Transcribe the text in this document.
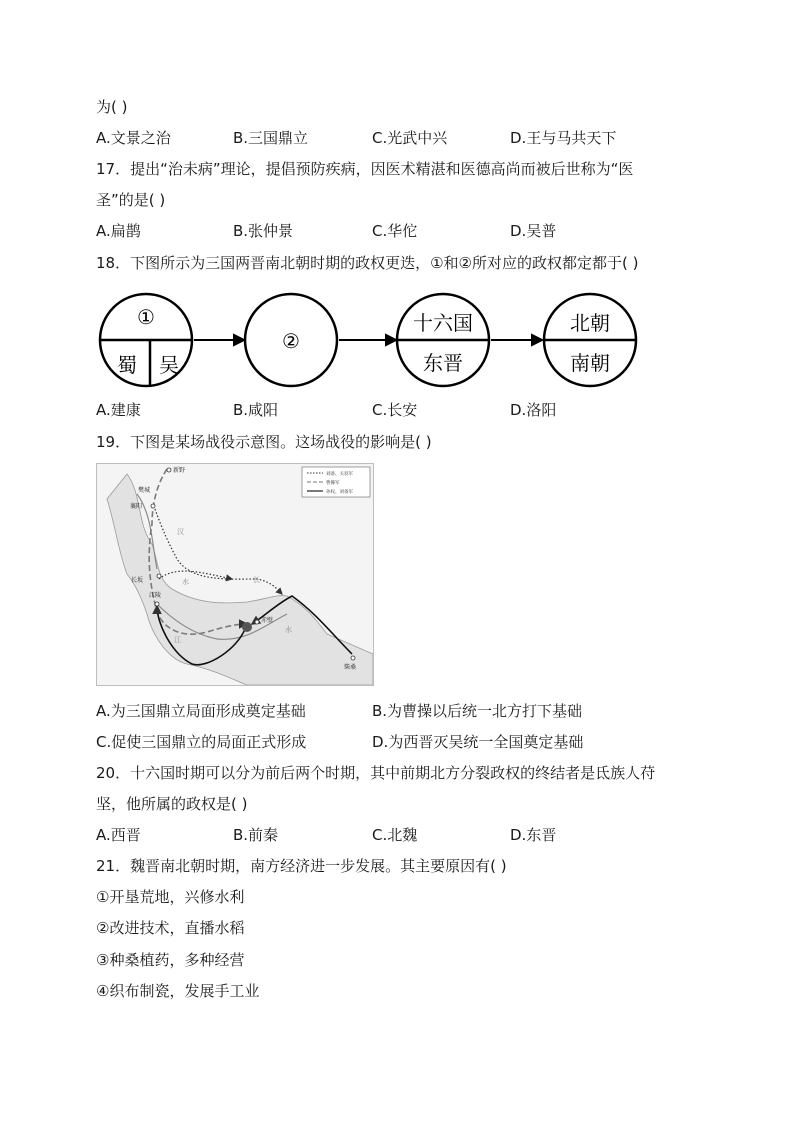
为( )
A.文景之治	B.三国鼎立	C.光武中兴	D.王与马共天下
17．提出“治未病”理论，提倡预防疾病，因医术精湛和医德高尚而被后世称为“医
圣”的是( )
A.扁鹊	B.张仲景	C.华佗	D.吴普
18．下图所示为三国两晋南北朝时期的政权更迭，①和②所对应的政权都定都于( )
①
蜀 吴
②
十六国
东晋
北朝
南朝
A.建康	B.咸阳	C.长安	D.洛阳
19．下图是某场战役示意图。这场战役的影响是( )
刘备、关羽军
曹操军
孙权、刘备军
新野
樊城
襄阳
长坂
江陵
赤壁
柴桑
汉
水	长
江
水
A.为三国鼎立局面形成奠定基础	B.为曹操以后统一北方打下基础
C.促使三国鼎立的局面正式形成	D.为西晋灭吴统一全国奠定基础
20．十六国时期可以分为前后两个时期，其中前期北方分裂政权的终结者是氐族人苻
坚，他所属的政权是( )
A.西晋	B.前秦	C.北魏	D.东晋
21．魏晋南北朝时期，南方经济进一步发展。其主要原因有( )
①开垦荒地，兴修水利
②改进技术，直播水稻
③种桑植药，多种经营
④织布制瓷，发展手工业
